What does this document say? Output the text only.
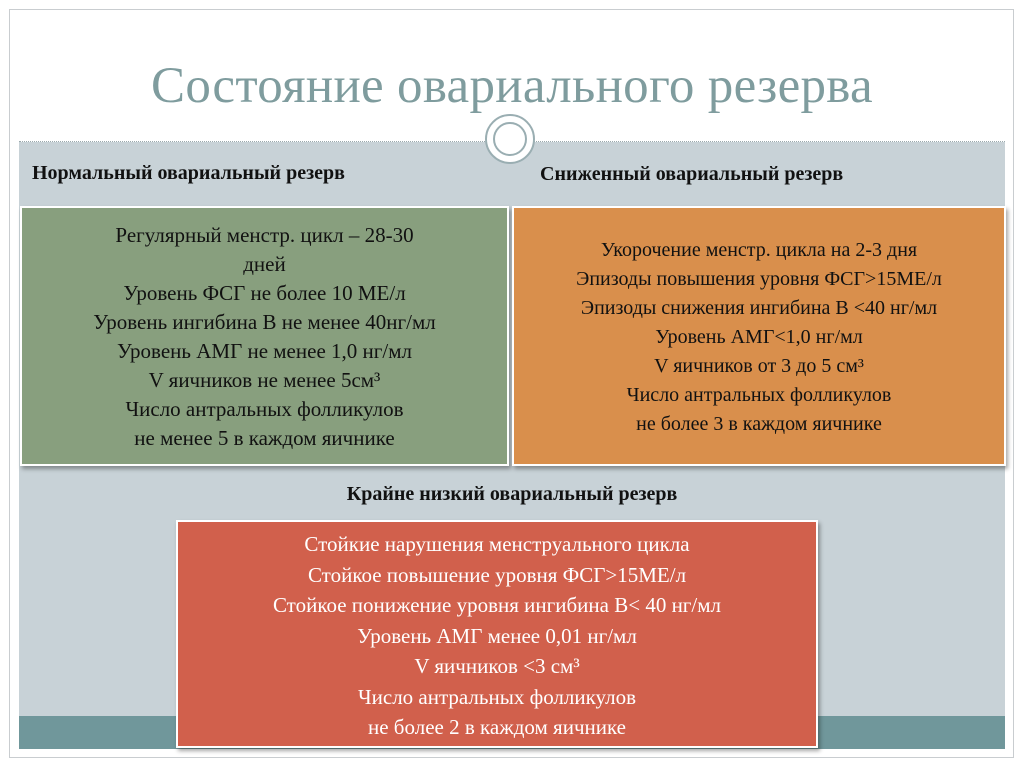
Состояние овариального резерва
Нормальный овариальный резерв	Сниженный овариальный резерв
Регулярный менстр. цикл – 28-30
дней
Уровень ФСГ не более 10 МЕ/л
Уровень ингибина В не менее 40нг/мл
Уровень АМГ не менее 1,0 нг/мл
V яичников не менее 5см³
Число антральных фолликулов
не менее 5 в каждом яичнике
Укорочение менстр. цикла на 2-3 дня
Эпизоды повышения уровня ФСГ>15МЕ/л
Эпизоды снижения ингибина В <40 нг/мл
Уровень АМГ<1,0 нг/мл
V яичников от 3 до 5 см³
Число антральных фолликулов
не более 3 в каждом яичнике
Крайне низкий овариальный резерв
Стойкие нарушения менструального цикла
Стойкое повышение уровня ФСГ>15МЕ/л
Стойкое понижение уровня ингибина В< 40 нг/мл
Уровень АМГ менее 0,01 нг/мл
V яичников <3 см³
Число антральных фолликулов
не более 2 в каждом яичнике
